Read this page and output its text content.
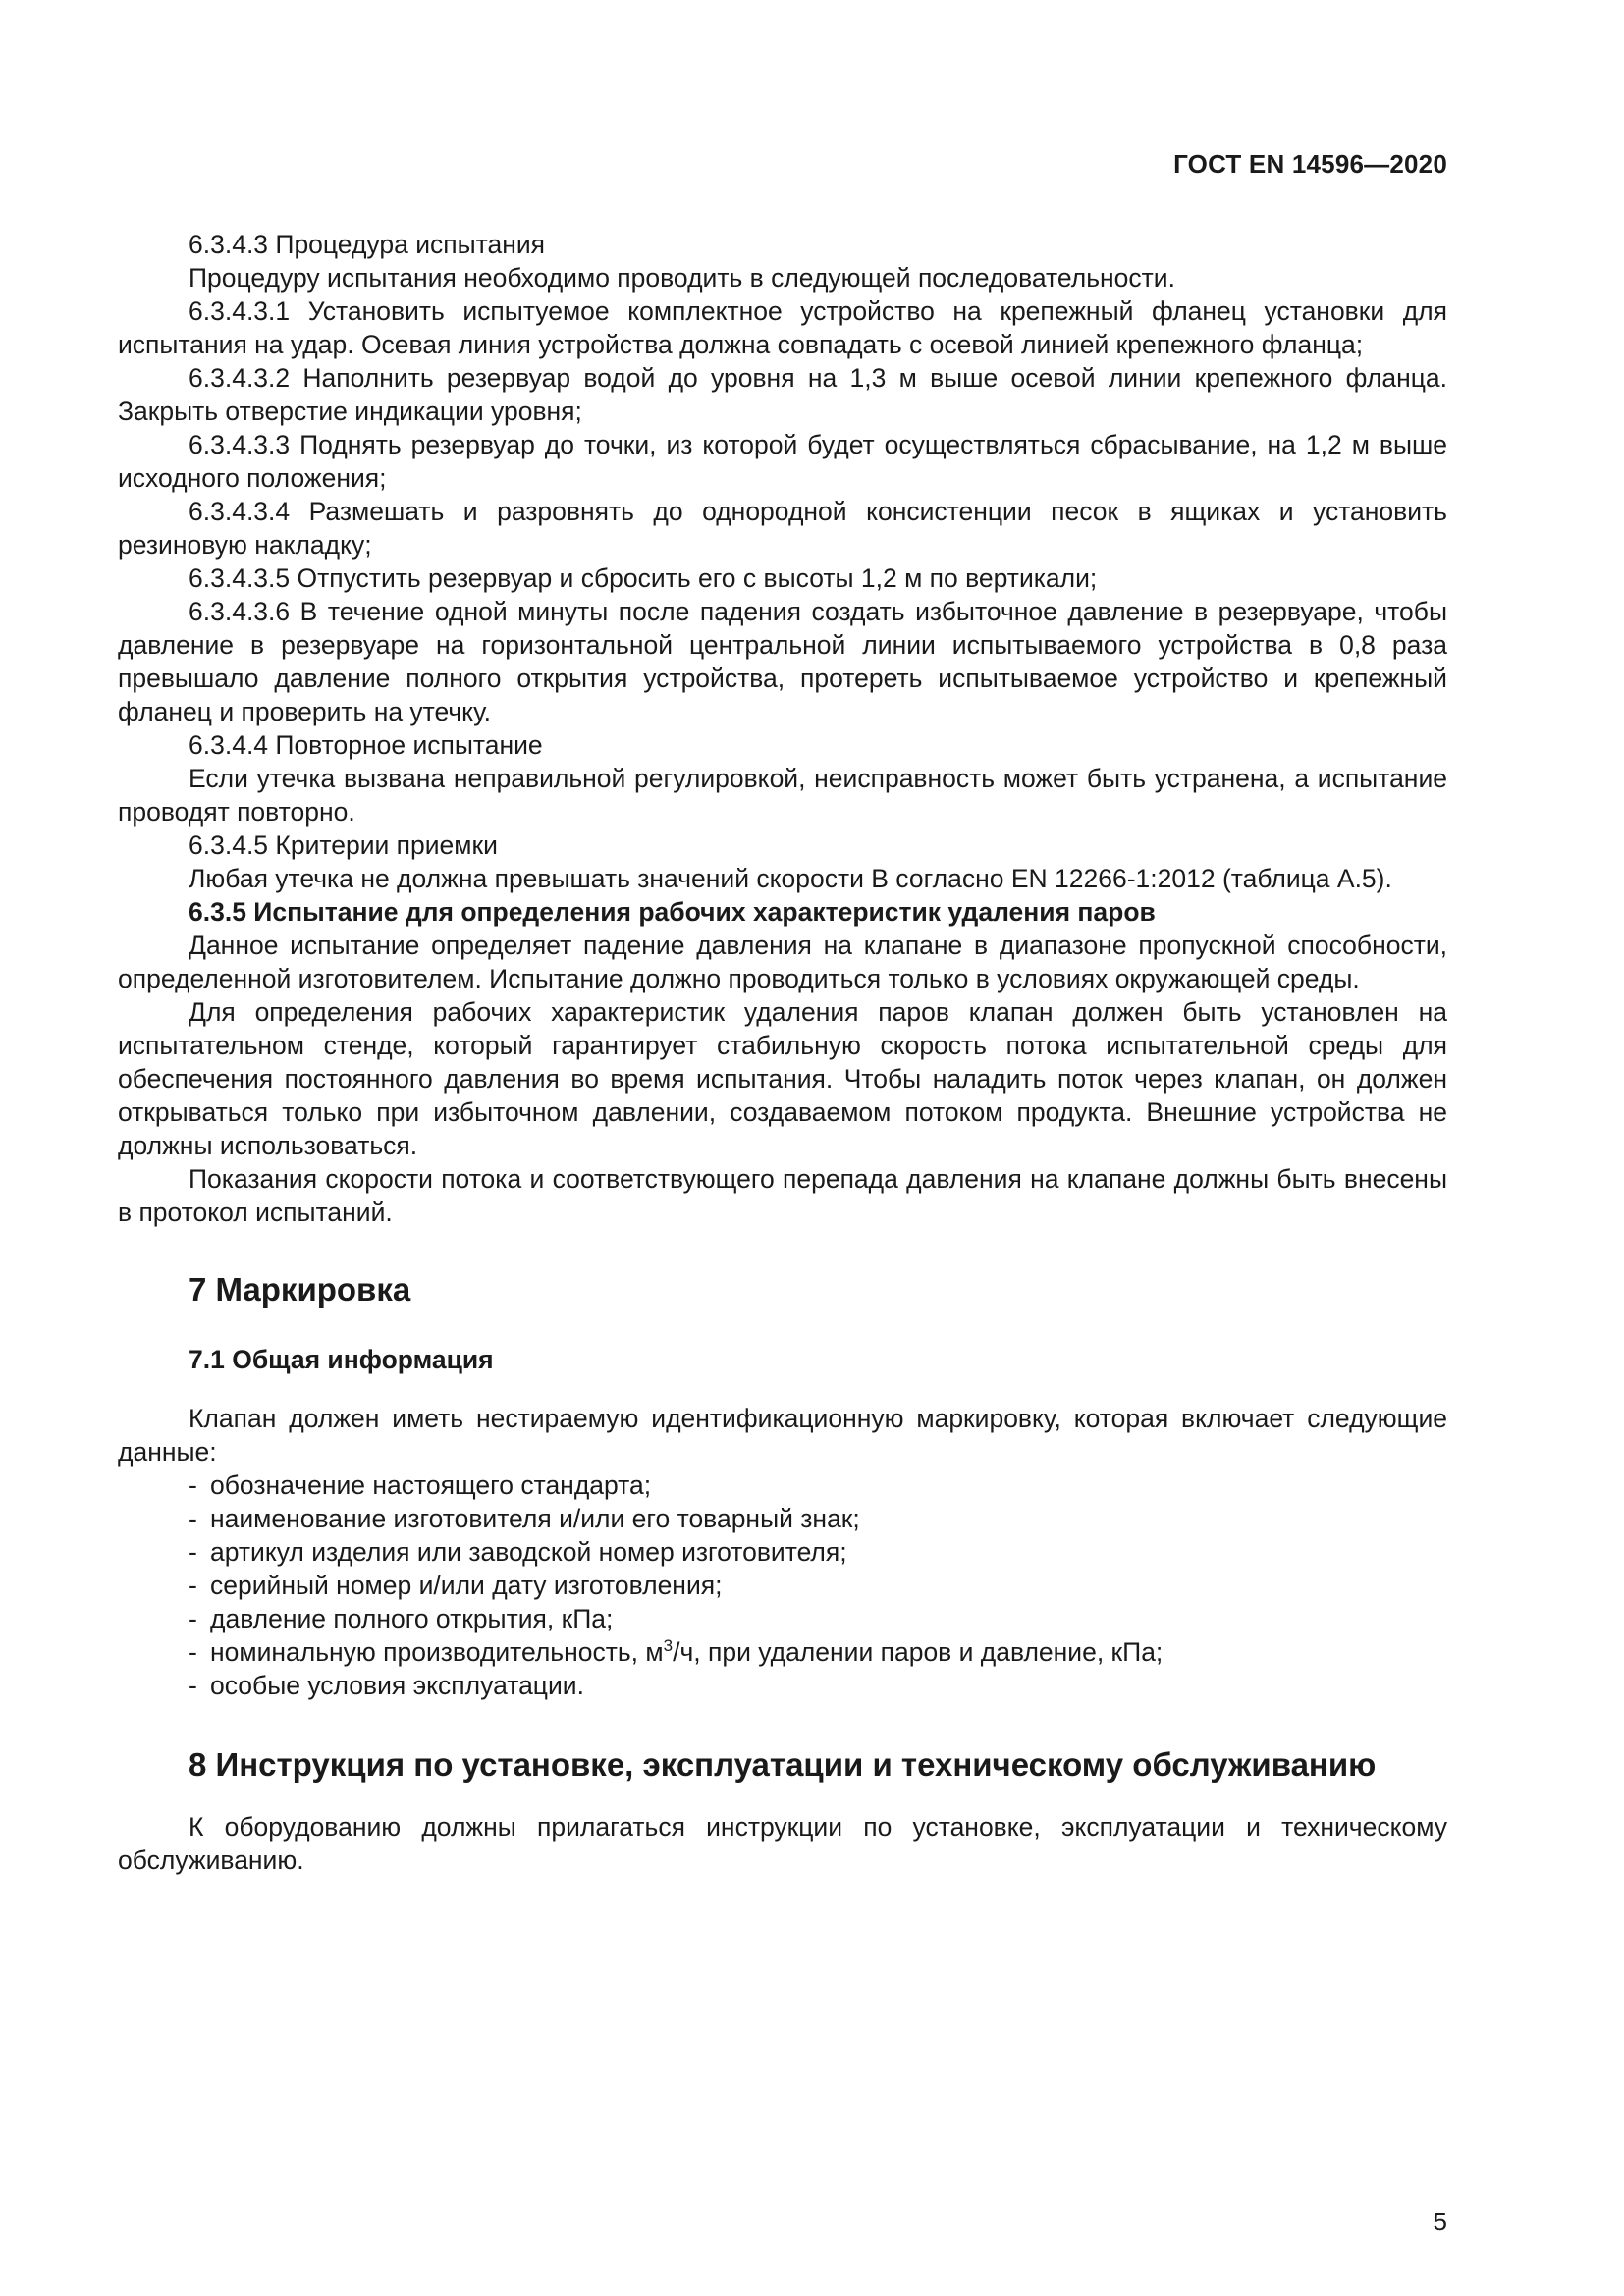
ГОСТ EN 14596—2020

6.3.4.3 Процедура испытания

Процедуру испытания необходимо проводить в следующей последовательности.

6.3.4.3.1 Установить испытуемое комплектное устройство на крепежный фланец установки для испытания на удар. Осевая линия устройства должна совпадать с осевой линией крепежного фланца;

6.3.4.3.2 Наполнить резервуар водой до уровня на 1,3 м выше осевой линии крепежного фланца. Закрыть отверстие индикации уровня;

6.3.4.3.3 Поднять резервуар до точки, из которой будет осуществляться сбрасывание, на 1,2 м выше исходного положения;

6.3.4.3.4 Размешать и разровнять до однородной консистенции песок в ящиках и установить резиновую накладку;

6.3.4.3.5 Отпустить резервуар и сбросить его с высоты 1,2 м по вертикали;

6.3.4.3.6 В течение одной минуты после падения создать избыточное давление в резервуаре, чтобы давление в резервуаре на горизонтальной центральной линии испытываемого устройства в 0,8 раза превышало давление полного открытия устройства, протереть испытываемое устройство и крепежный фланец и проверить на утечку.

6.3.4.4 Повторное испытание

Если утечка вызвана неправильной регулировкой, неисправность может быть устранена, а испытание проводят повторно.

6.3.4.5 Критерии приемки

Любая утечка не должна превышать значений скорости В согласно EN 12266-1:2012 (таблица А.5).

6.3.5 Испытание для определения рабочих характеристик удаления паров

Данное испытание определяет падение давления на клапане в диапазоне пропускной способности, определенной изготовителем. Испытание должно проводиться только в условиях окружающей среды.

Для определения рабочих характеристик удаления паров клапан должен быть установлен на испытательном стенде, который гарантирует стабильную скорость потока испытательной среды для обеспечения постоянного давления во время испытания. Чтобы наладить поток через клапан, он должен открываться только при избыточном давлении, создаваемом потоком продукта. Внешние устройства не должны использоваться.

Показания скорости потока и соответствующего перепада давления на клапане должны быть внесены в протокол испытаний.

7 Маркировка
7.1 Общая информация

Клапан должен иметь нестираемую идентификационную маркировку, которая включает следующие данные:

- обозначение настоящего стандарта;
- наименование изготовителя и/или его товарный знак;
- артикул изделия или заводской номер изготовителя;
- серийный номер и/или дату изготовления;
- давление полного открытия, кПа;
- номинальную производительность, $м^3/ч$, при удалении паров и давление, кПа;
- особые условия эксплуатации.
8 Инструкция по установке, эксплуатации и техническому обслуживанию

К оборудованию должны прилагаться инструкции по установке, эксплуатации и техническому обслуживанию.

5
